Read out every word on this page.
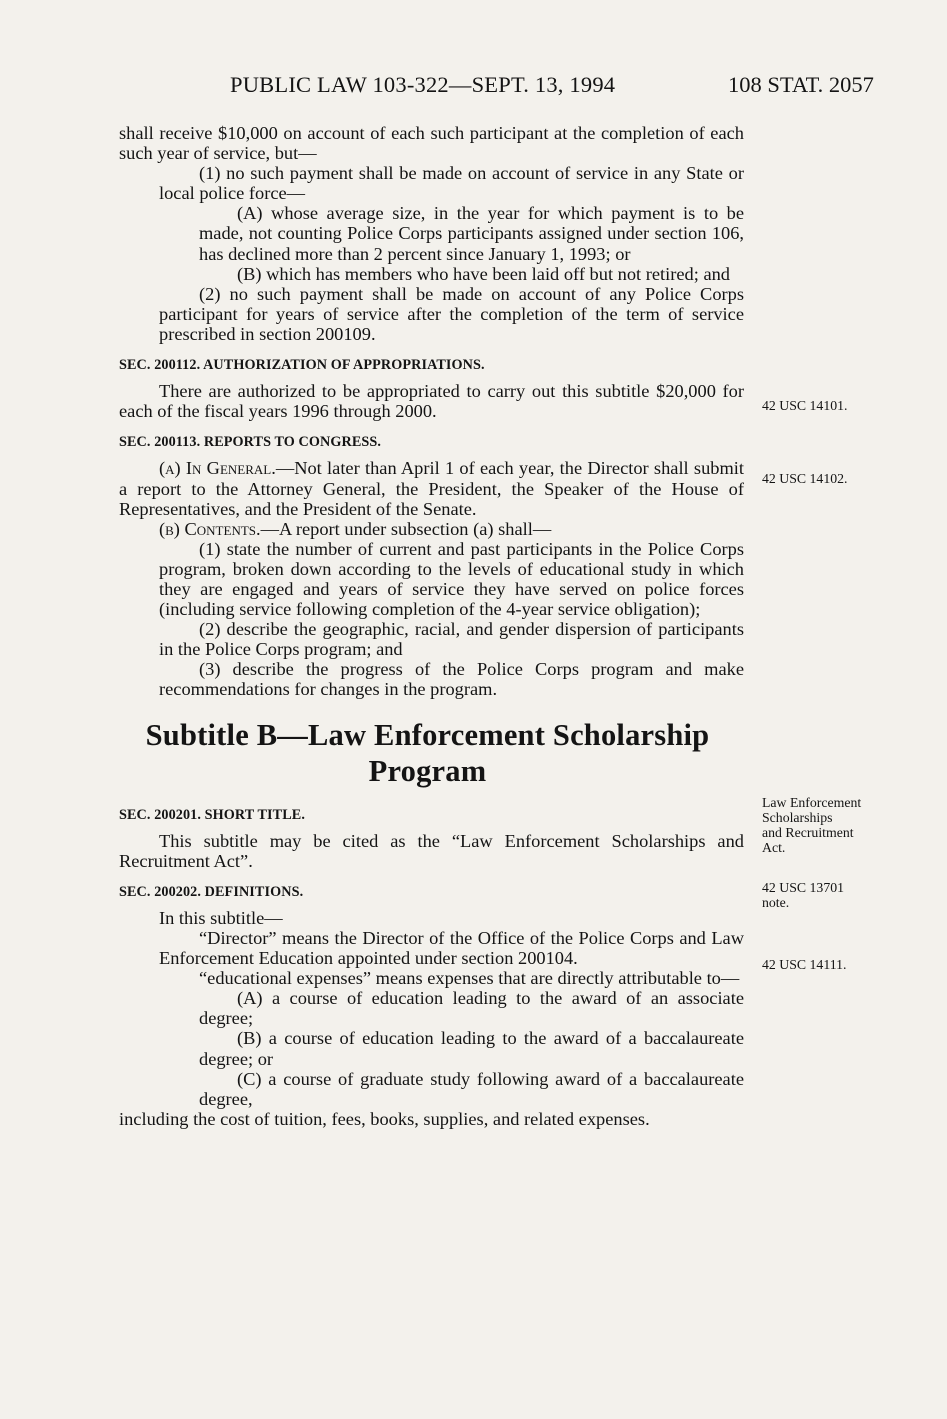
PUBLIC LAW 103-322—SEPT. 13, 1994	108 STAT. 2057

shall receive $10,000 on account of each such participant at the completion of each such year of service, but—

(1) no such payment shall be made on account of service in any State or local police force—

(A) whose average size, in the year for which payment is to be made, not counting Police Corps participants assigned under section 106, has declined more than 2 percent since January 1, 1993; or

(B) which has members who have been laid off but not retired; and

(2) no such payment shall be made on account of any Police Corps participant for years of service after the completion of the term of service prescribed in section 200109.

SEC. 200112. AUTHORIZATION OF APPROPRIATIONS.

There are authorized to be appropriated to carry out this subtitle $20,000 for each of the fiscal years 1996 through 2000.

SEC. 200113. REPORTS TO CONGRESS.

(a) In General.—Not later than April 1 of each year, the Director shall submit a report to the Attorney General, the President, the Speaker of the House of Representatives, and the President of the Senate.

(b) Contents.—A report under subsection (a) shall—

(1) state the number of current and past participants in the Police Corps program, broken down according to the levels of educational study in which they are engaged and years of service they have served on police forces (including service following completion of the 4-year service obligation);

(2) describe the geographic, racial, and gender dispersion of participants in the Police Corps program; and

(3) describe the progress of the Police Corps program and make recommendations for changes in the program.

Subtitle B—Law Enforcement Scholarship Program

SEC. 200201. SHORT TITLE.

This subtitle may be cited as the “Law Enforcement Scholarships and Recruitment Act”.

SEC. 200202. DEFINITIONS.

In this subtitle—

“Director” means the Director of the Office of the Police Corps and Law Enforcement Education appointed under section 200104.

“educational expenses” means expenses that are directly attributable to—

(A) a course of education leading to the award of an associate degree;

(B) a course of education leading to the award of a baccalaureate degree; or

(C) a course of graduate study following award of a baccalaureate degree,

including the cost of tuition, fees, books, supplies, and related expenses.

42 USC 14101.
42 USC 14102.
Law Enforcement
Scholarships
and Recruitment
Act.
42 USC 13701
note.
42 USC 14111.
